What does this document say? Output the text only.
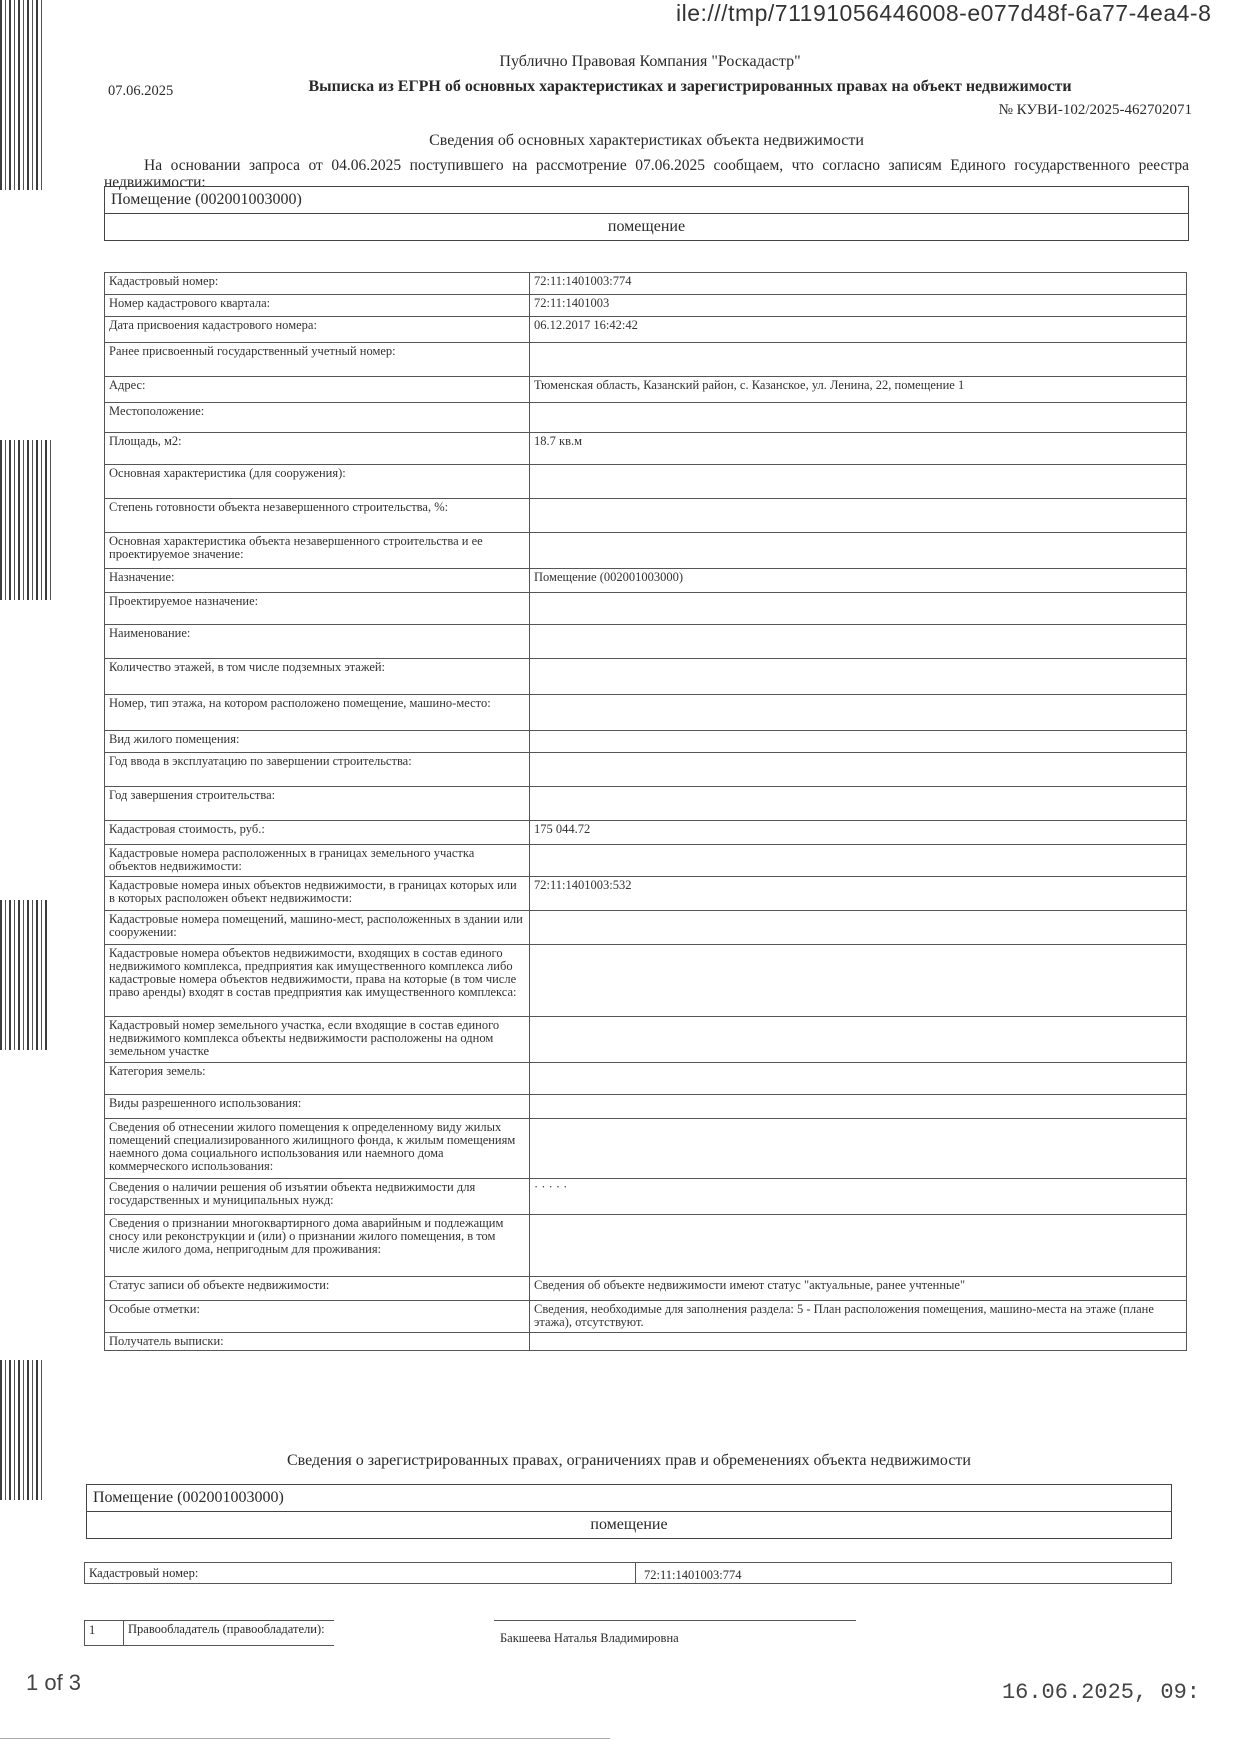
ile:///tmp/71191056446008-e077d48f-6a77-4ea4-8
Публично Правовая Компания "Роскадастр"
Выписка из ЕГРН об основных характеристиках и зарегистрированных правах на объект недвижимости
07.06.2025
№ КУВИ-102/2025-462702071
Сведения об основных характеристиках объекта недвижимости
На основании запроса от 04.06.2025 поступившего на рассмотрение 07.06.2025 сообщаем, что согласно записям Единого государственного реестра недвижимости:
Помещение (002001003000)
помещение
Кадастровый номер:	72:11:1401003:774
Номер кадастрового квартала:	72:11:1401003
Дата присвоения кадастрового номера:	06.12.2017 16:42:42
Ранее присвоенный государственный учетный номер:	
Адрес:	Тюменская область, Казанский район, с. Казанское, ул. Ленина, 22, помещение 1
Местоположение:	
Площадь, м2:	18.7 кв.м
Основная характеристика (для сооружения):	
Степень готовности объекта незавершенного строительства, %:	
Основная характеристика объекта незавершенного строительства и ее проектируемое значение:	
Назначение:	Помещение (002001003000)
Проектируемое назначение:	
Наименование:	
Количество этажей, в том числе подземных этажей:	
Номер, тип этажа, на котором расположено помещение, машино-место:	
Вид жилого помещения:	
Год ввода в эксплуатацию по завершении строительства:	
Год завершения строительства:	
Кадастровая стоимость, руб.:	175 044.72
Кадастровые номера расположенных в границах земельного участка объектов недвижимости:	
Кадастровые номера иных объектов недвижимости, в границах которых или в которых расположен объект недвижимости:	72:11:1401003:532
Кадастровые номера помещений, машино-мест, расположенных в здании или сооружении:	
Кадастровые номера объектов недвижимости, входящих в состав единого недвижимого комплекса, предприятия как имущественного комплекса либо кадастровые номера объектов недвижимости, права на которые (в том числе право аренды) входят в состав предприятия как имущественного комплекса:	
Кадастровый номер земельного участка, если входящие в состав единого недвижимого комплекса объекты недвижимости расположены на одном земельном участке	
Категория земель:	
Виды разрешенного использования:	
Сведения об отнесении жилого помещения к определенному виду жилых помещений специализированного жилищного фонда, к жилым помещениям наемного дома социального использования или наемного дома коммерческого использования:	
Сведения о наличии решения об изъятии объекта недвижимости для государственных и муниципальных нужд:	· · · · ·
Сведения о признании многоквартирного дома аварийным и подлежащим сносу или реконструкции и (или) о признании жилого помещения, в том числе жилого дома, непригодным для проживания:	
Статус записи об объекте недвижимости:	Сведения об объекте недвижимости имеют статус "актуальные, ранее учтенные"
Особые отметки:	Сведения, необходимые для заполнения раздела: 5 - План расположения помещения, машино-места на этаже (плане этажа), отсутствуют.
Получатель выписки:	
Сведения о зарегистрированных правах, ограничениях прав и обременениях объекта недвижимости
Помещение (002001003000)
помещение
Кадастровый номер:	72:11:1401003:774
1	Правообладатель (правообладатели):
Бакшеева Наталья Владимировна
1 of 3	16.06.2025, 09:
